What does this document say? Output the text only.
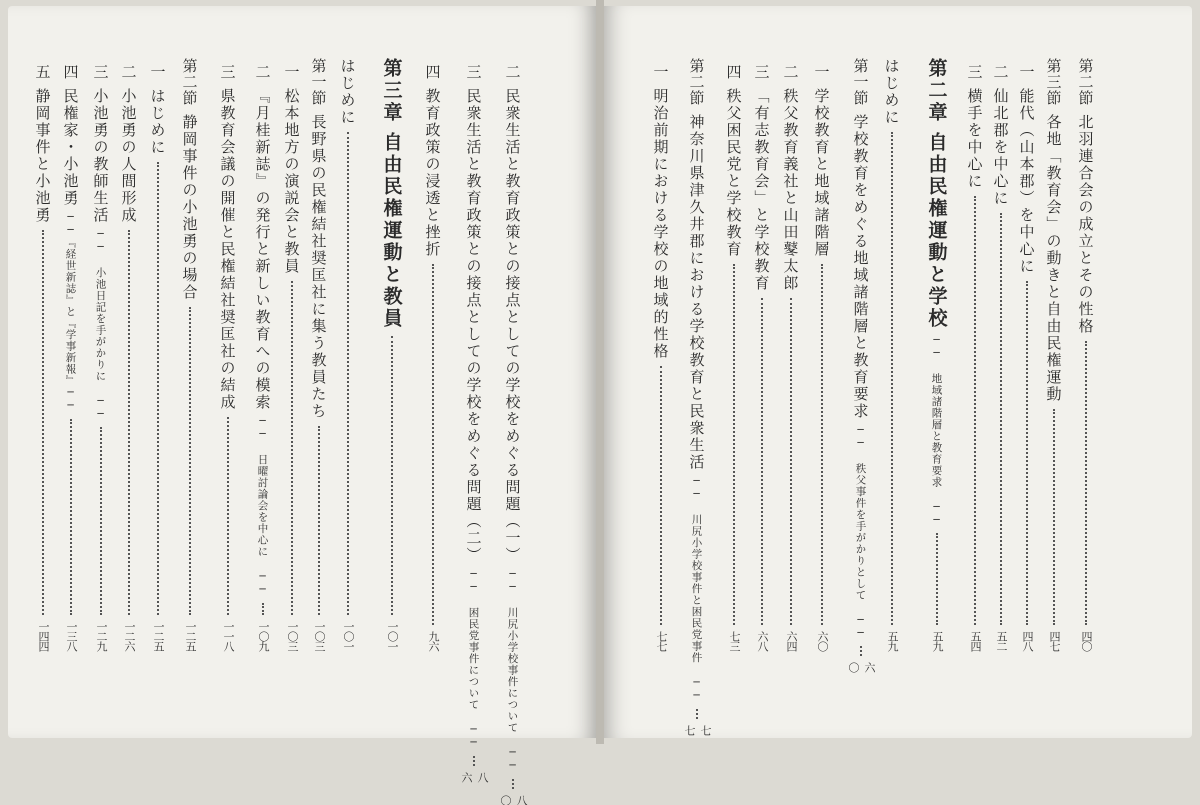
二
民衆生活と教育政策との接点としての学校をめぐる問題（一）
── 川尻小学校事件について ──
八〇
三
民衆生活と教育政策との接点としての学校をめぐる問題（二）
── 困民党事件について ──
八六
四
教育政策の浸透と挫折
九六
第三章
自由民権運動と教員
一〇一
はじめに
一〇一
第一節
長野県の民権結社奨匡社に集う教員たち
一〇三
一
松本地方の演説会と教員
一〇三
二
『月桂新誌』の発行と新しい教育への模索
── 日曜討論会を中心に ──
一〇九
三
県教育会議の開催と民権結社奨匡社の結成
一一八
第二節
静岡事件の小池勇の場合
一二五
一
はじめに
一二五
二
小池勇の人間形成
一二六
三
小池勇の教師生活
── 小池日記を手がかりに ──
一二九
四
民権家・小池勇
──『経世新誌』と『学事新報』──
一三八
五
静岡事件と小池勇
一四四
第二節
北羽連合会の成立とその性格
四〇
第三節
各地「教育会」の動きと自由民権運動
四七
一
能代（山本郡）を中心に
四八
二
仙北郡を中心に
五二
三
横手を中心に
五四
第二章
自由民権運動と学校
── 地域諸階層と教育要求 ──
五九
はじめに
五九
第一節
学校教育をめぐる地域諸階層と教育要求
── 秩父事件を手がかりとして ──
六〇
一
学校教育と地域諸階層
六〇
二
秩父教育義社と山田鼕太郎
六四
三
「有志教育会」と学校教育
六八
四
秩父困民党と学校教育
七三
第二節
神奈川県津久井郡における学校教育と民衆生活
── 川尻小学校事件と困民党事件 ──
七七
一
明治前期における学校の地域的性格
七七
